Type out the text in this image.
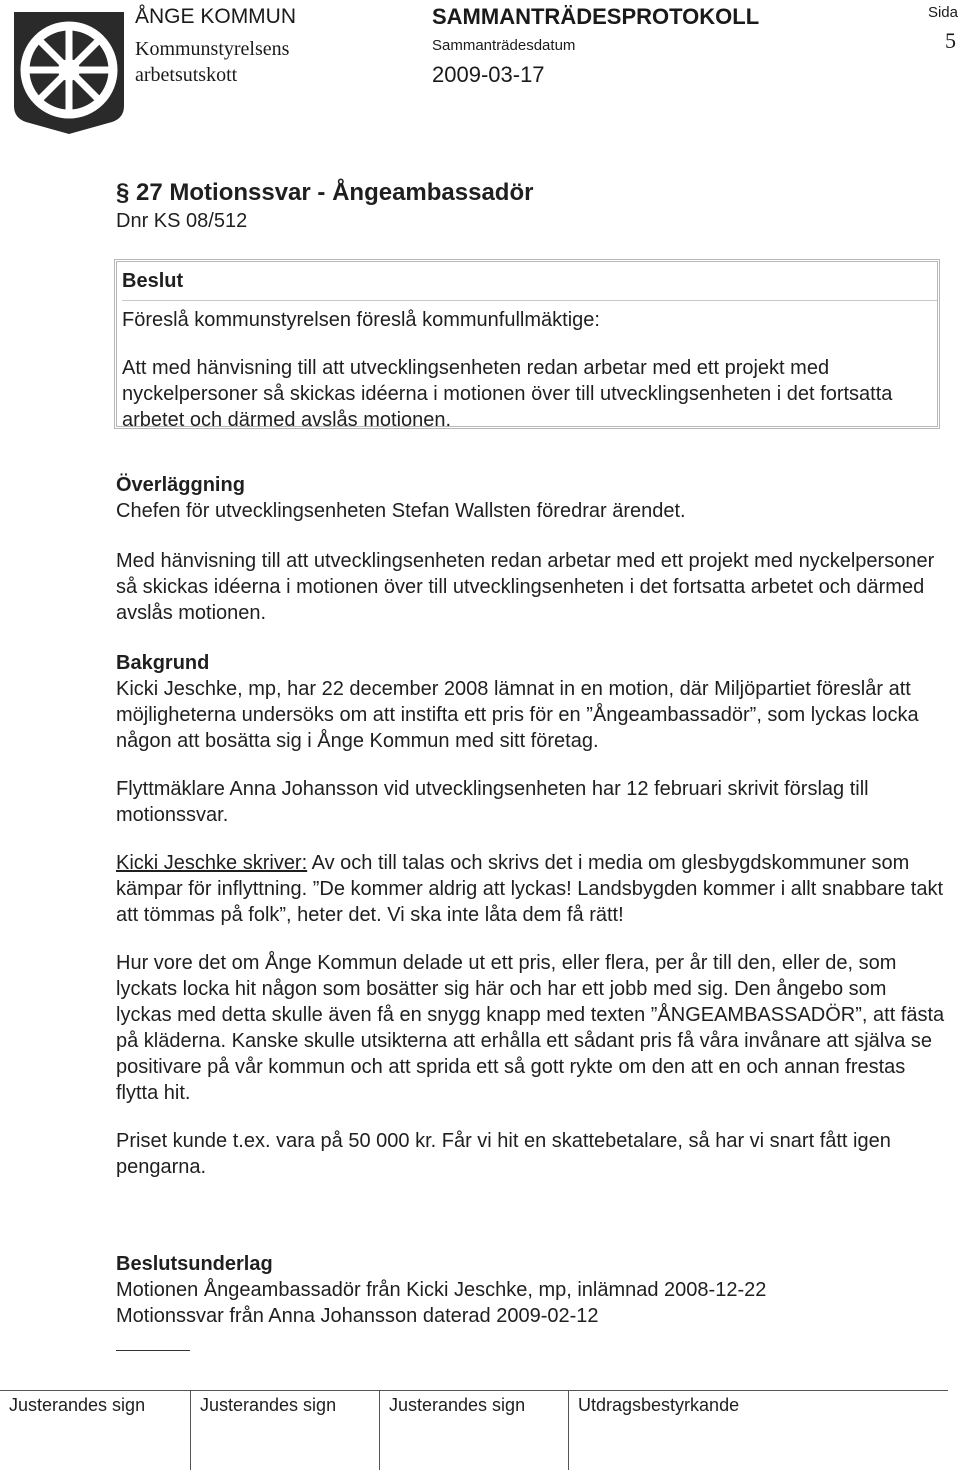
ÅNGE KOMMUN
Kommunstyrelsens
arbetsutskott
SAMMANTRÄDESPROTOKOLL
Sammanträdesdatum
2009-03-17
Sida
5
§ 27 Motionssvar - Ångeambassadör

Dnr KS 08/512

Beslut

Föreslå kommunstyrelsen föreslå kommunfullmäktige:

Att med hänvisning till att utvecklingsenheten redan arbetar med ett projekt med nyckelpersoner så skickas idéerna i motionen över till utvecklingsenheten i det fortsatta arbetet och därmed avslås motionen.

Överläggning

Chefen för utvecklingsenheten Stefan Wallsten föredrar ärendet.

Med hänvisning till att utvecklingsenheten redan arbetar med ett projekt med nyckelpersoner så skickas idéerna i motionen över till utvecklingsenheten i det fortsatta arbetet och därmed avslås motionen.

Bakgrund

Kicki Jeschke, mp, har 22 december 2008 lämnat in en motion, där Miljöpartiet föreslår att möjligheterna undersöks om att instifta ett pris för en ”Ångeambassadör”, som lyckas locka någon att bosätta sig i Ånge Kommun med sitt företag.

Flyttmäklare Anna Johansson vid utvecklingsenheten har 12 februari skrivit förslag till motionssvar.

Kicki Jeschke skriver: Av och till talas och skrivs det i media om glesbygdskommuner som kämpar för inflyttning. ”De kommer aldrig att lyckas! Landsbygden kommer i allt snabbare takt att tömmas på folk”, heter det. Vi ska inte låta dem få rätt!

Hur vore det om Ånge Kommun delade ut ett pris, eller flera, per år till den, eller de, som lyckats locka hit någon som bosätter sig här och har ett jobb med sig. Den ångebo som lyckas med detta skulle även få en snygg knapp med texten ”ÅNGEAMBASSADÖR”, att fästa på kläderna. Kanske skulle utsikterna att erhålla ett sådant pris få våra invånare att själva se positivare på vår kommun och att sprida ett så gott rykte om den att en och annan frestas flytta hit.

Priset kunde t.ex. vara på 50 000 kr. Får vi hit en skattebetalare, så har vi snart fått igen pengarna.

Beslutsunderlag

Motionen Ångeambassadör från Kicki Jeschke, mp, inlämnad 2008-12-22

Motionssvar från Anna Johansson daterad 2009-02-12

Justerandes sign	Justerandes sign	Justerandes sign	Utdragsbestyrkande
